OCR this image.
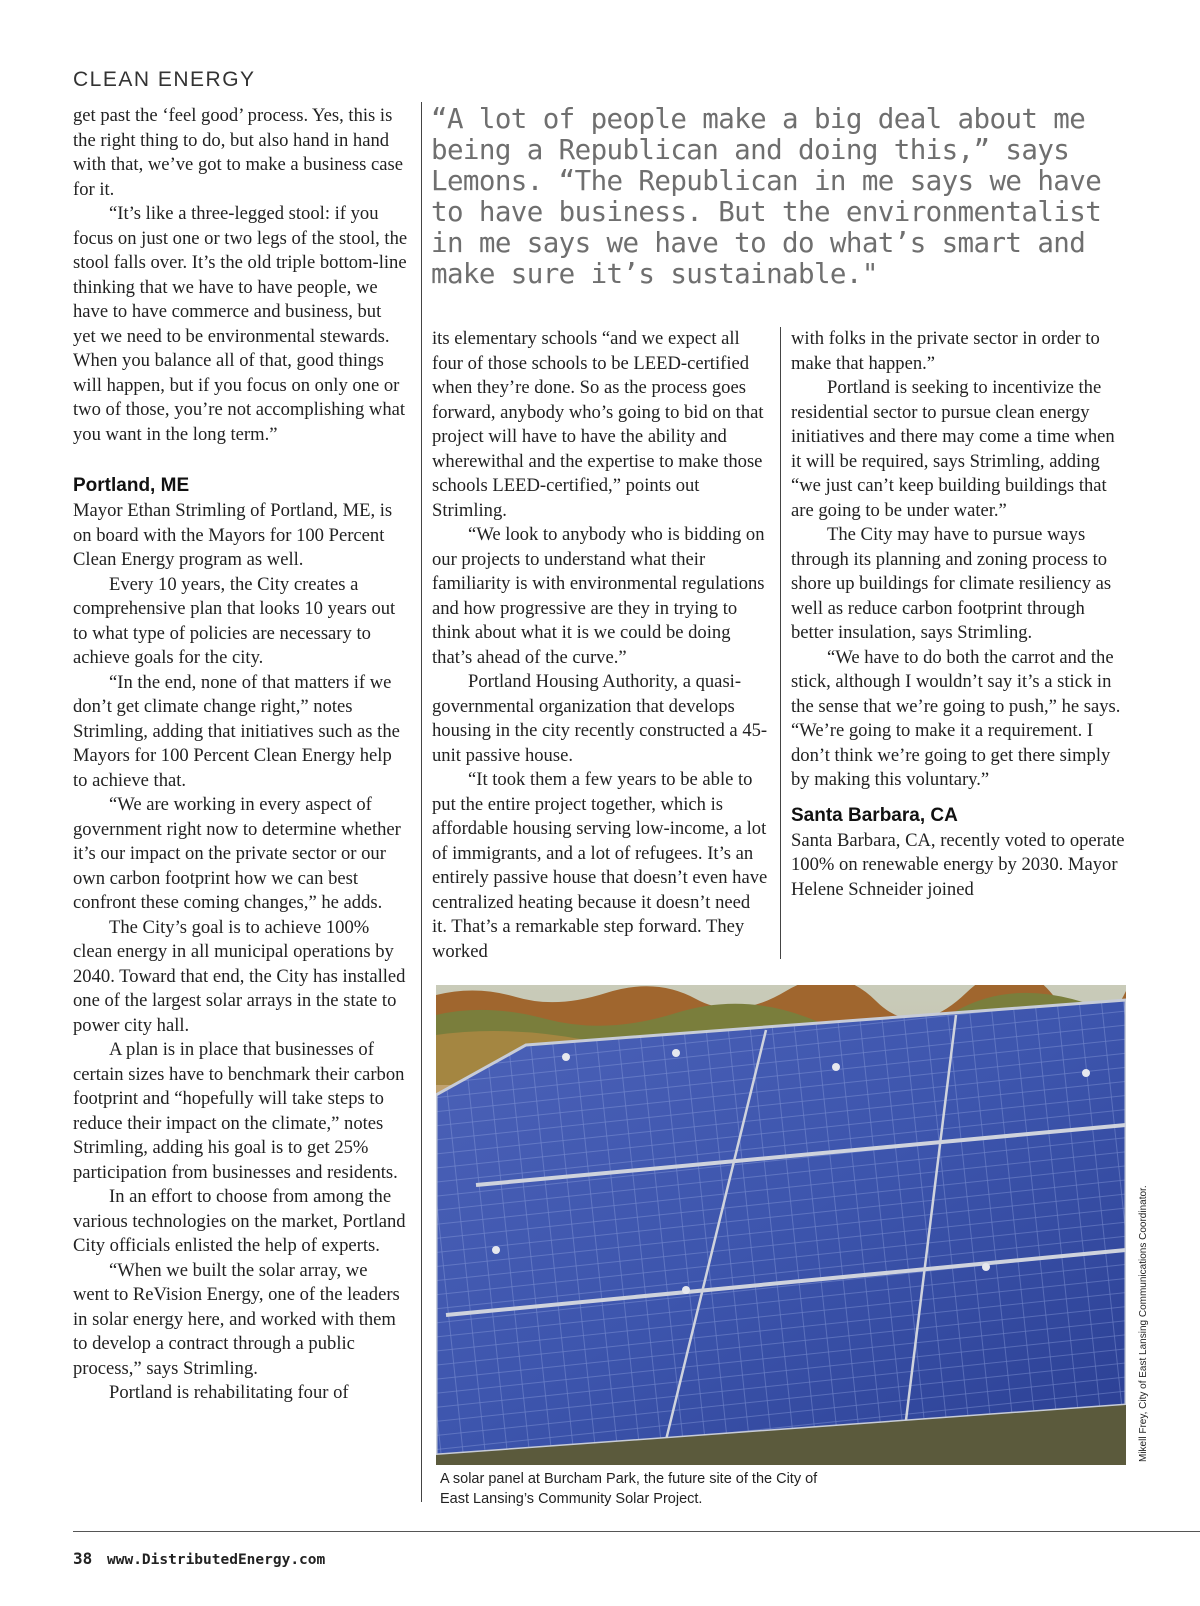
CLEAN ENERGY
“A lot of people make a big deal about me being a Republican and doing this,” says Lemons. “The Republican in me says we have to have business. But the environmentalist in me says we have to do what’s smart and make sure it’s sustainable."

get past the ‘feel good’ process. Yes, this is the right thing to do, but also hand in hand with that, we’ve got to make a business case for it.

“It’s like a three-legged stool: if you focus on just one or two legs of the stool, the stool falls over. It’s the old triple bottom-line thinking that we have to have people, we have to have commerce and business, but yet we need to be environmental stewards. When you balance all of that, good things will happen, but if you focus on only one or two of those, you’re not accomplishing what you want in the long term.”

Portland, ME

Mayor Ethan Strimling of Portland, ME, is on board with the Mayors for 100 Percent Clean Energy program as well.

Every 10 years, the City creates a comprehensive plan that looks 10 years out to what type of policies are necessary to achieve goals for the city.

“In the end, none of that matters if we don’t get climate change right,” notes Strimling, adding that initiatives such as the Mayors for 100 Percent Clean Energy help to achieve that.

“We are working in every aspect of government right now to determine whether it’s our impact on the private sector or our own carbon footprint how we can best confront these coming changes,” he adds.

The City’s goal is to achieve 100% clean energy in all municipal operations by 2040. Toward that end, the City has installed one of the largest solar arrays in the state to power city hall.

A plan is in place that businesses of certain sizes have to benchmark their carbon footprint and “hopefully will take steps to reduce their impact on the climate,” notes Strimling, adding his goal is to get 25% participation from businesses and residents.

In an effort to choose from among the various technologies on the market, Portland City officials enlisted the help of experts.

“When we built the solar array, we went to ReVision Energy, one of the leaders in solar energy here, and worked with them to develop a contract through a public process,” says Strimling.

Portland is rehabilitating four of

its elementary schools “and we expect all four of those schools to be LEED-certified when they’re done. So as the process goes forward, anybody who’s going to bid on that project will have to have the ability and wherewithal and the expertise to make those schools LEED-certified,” points out Strimling.

“We look to anybody who is bidding on our projects to understand what their familiarity is with environmental regulations and how progressive are they in trying to think about what it is we could be doing that’s ahead of the curve.”

Portland Housing Authority, a quasi-governmental organization that develops housing in the city recently constructed a 45-unit passive house.

“It took them a few years to be able to put the entire project together, which is affordable housing serving low-income, a lot of immigrants, and a lot of refugees. It’s an entirely passive house that doesn’t even have centralized heating because it doesn’t need it. That’s a remarkable step forward. They worked

with folks in the private sector in order to make that happen.”

Portland is seeking to incentivize the residential sector to pursue clean energy initiatives and there may come a time when it will be required, says Strimling, adding “we just can’t keep building buildings that are going to be under water.”

The City may have to pursue ways through its planning and zoning process to shore up buildings for climate resiliency as well as reduce carbon footprint through better insulation, says Strimling.

“We have to do both the carrot and the stick, although I wouldn’t say it’s a stick in the sense that we’re going to push,” he says. “We’re going to make it a requirement. I don’t think we’re going to get there simply by making this voluntary.”

Santa Barbara, CA

Santa Barbara, CA, recently voted to operate 100% on renewable energy by 2030. Mayor Helene Schneider joined

A solar panel at Burcham Park, the future site of the City of East Lansing’s Community Solar Project.
Mikell Frey, City of East Lansing Communications Coordinator.
38 www.DistributedEnergy.com
